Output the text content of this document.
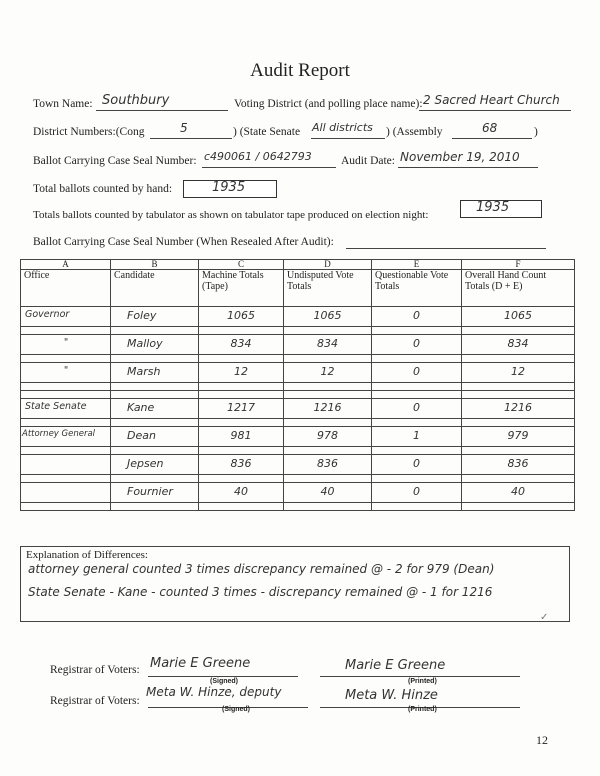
Audit Report
Town Name: Southbury	Voting District (and polling place name): 2 Sacred Heart Church
District Numbers:(Cong	5	) (State Senate All districts ) (Assembly	68	)
Ballot Carrying Case Seal Number: c490061 / 0642793	Audit Date: November 19, 2010
Total ballots counted by hand:	1935
Totals ballots counted by tabulator as shown on tabulator tape produced on election night:	1935
Ballot Carrying Case Seal Number (When Resealed After Audit):
A	B	C	D	E	F
Office	Candidate	Machine Totals (Tape)	Undisputed Vote Totals	Questionable Vote Totals	Overall Hand Count Totals (D + E)
Governor	Foley	1065	1065	0	1065

"	Malloy	834	834	0	834

"	Marsh	12	12	0	12

State Senate	Kane	1217	1216	0	1216

Attorney General	Dean	981	978	1	979

	Jepsen	836	836	0	836

	Fournier	40	40	0	40

Explanation of Differences:
attorney general counted 3 times discrepancy remained @ - 2 for 979 (Dean)
State Senate - Kane - counted 3 times - discrepancy remained @ - 1 for 1216
✓
Registrar of Voters: Marie E Greene
(Signed)
Marie E Greene
(Printed)
Registrar of Voters:
Meta W. Hinze, deputy
(Signed)
Meta W. Hinze
(Printed)
12
